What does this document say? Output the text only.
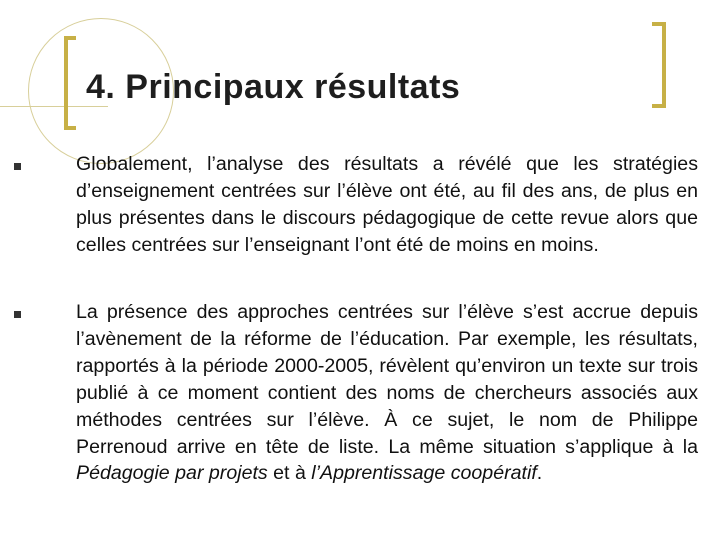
4. Principaux résultats
Globalement, l’analyse des résultats a révélé que les stratégies d’enseignement centrées sur l’élève ont été, au fil des ans, de plus en plus présentes dans le discours pédagogique de cette revue alors que celles centrées sur l’enseignant l’ont été de moins en moins.
La présence des approches centrées sur l’élève s’est accrue depuis l’avènement de la réforme de l’éducation. Par exemple, les résultats, rapportés à la période 2000-2005, révèlent qu’environ un texte sur trois publié à ce moment contient des noms de chercheurs associés aux méthodes centrées sur l’élève. À ce sujet, le nom de Philippe Perrenoud arrive en tête de liste. La même situation s’applique à la Pédagogie par projets et à l’Apprentissage coopératif.
